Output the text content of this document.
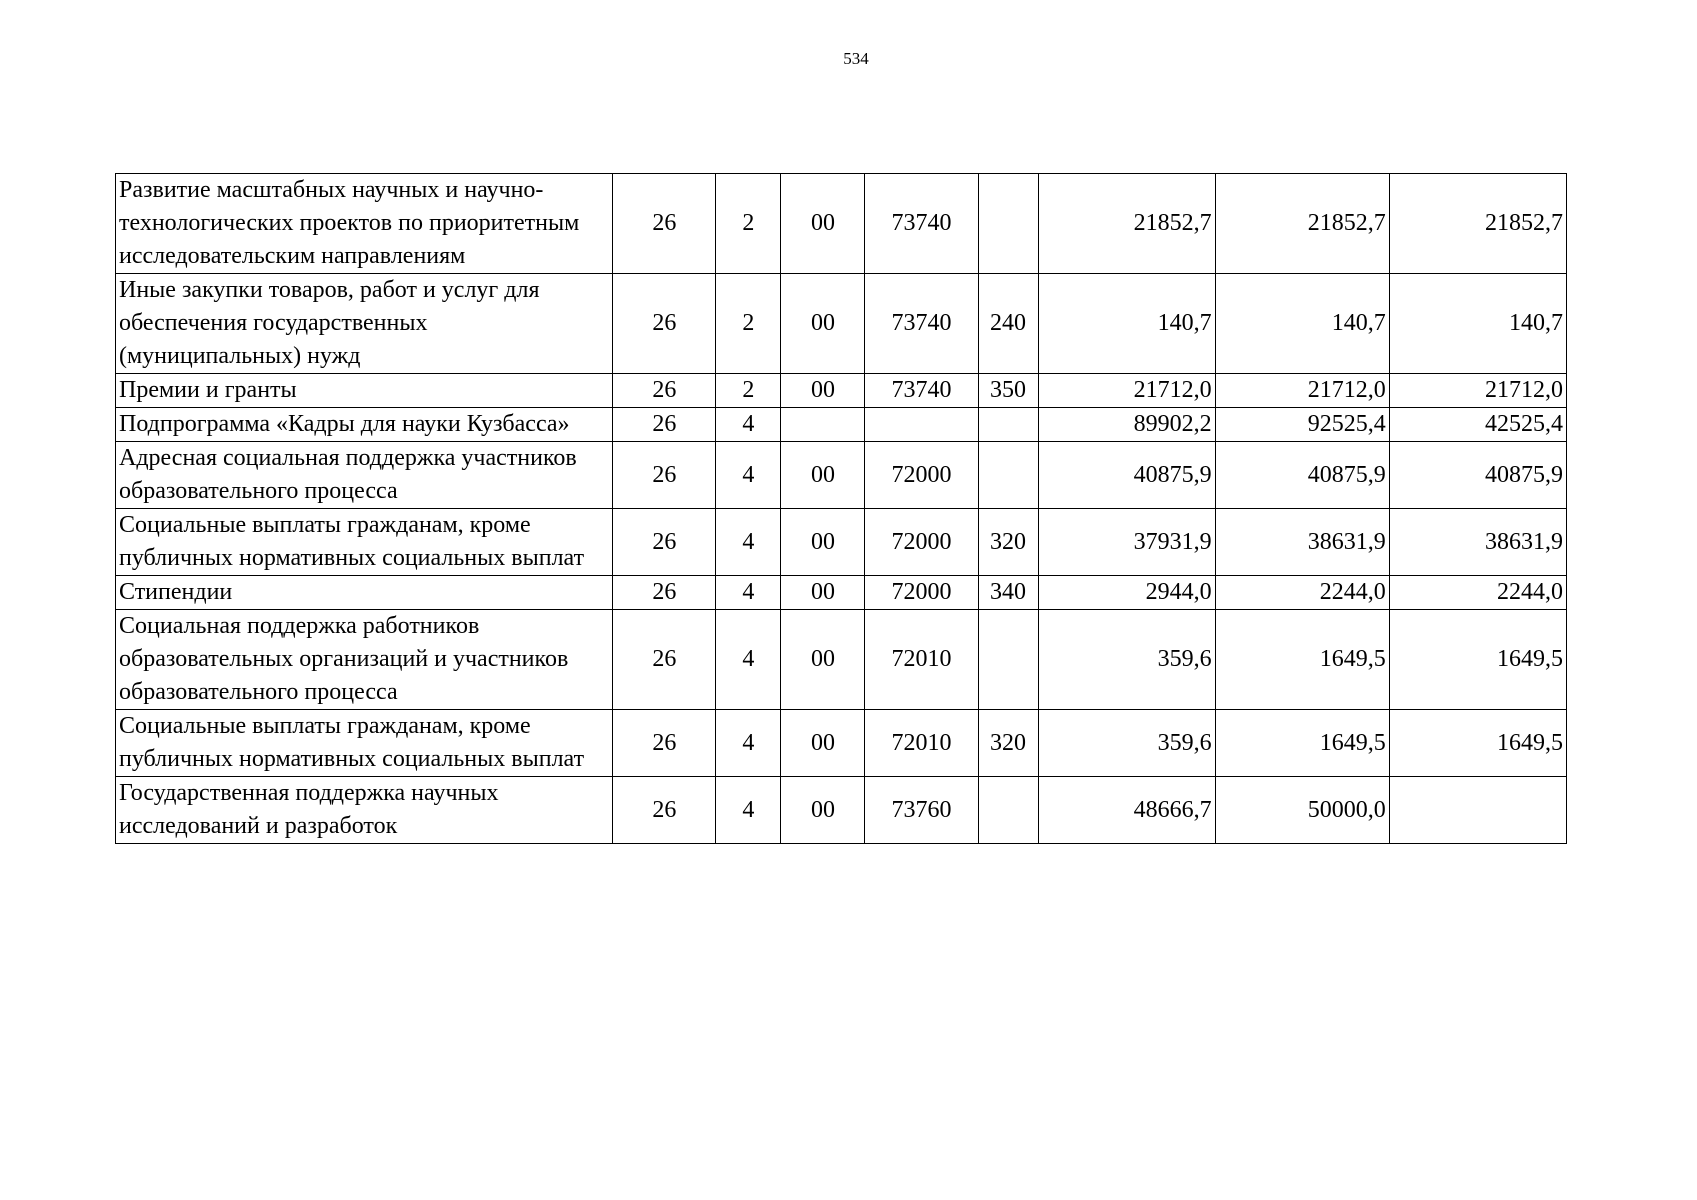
534
Развитие масштабных научных и научно-технологических проектов по приоритетным исследовательским направлениям	26	2	00	73740		21852,7	21852,7	21852,7
Иные закупки товаров, работ и услуг для обеспечения государственных (муниципальных) нужд	26	2	00	73740	240	140,7	140,7	140,7
Премии и гранты	26	2	00	73740	350	21712,0	21712,0	21712,0
Подпрограмма «Кадры для науки Кузбасса»	26	4				89902,2	92525,4	42525,4
Адресная социальная поддержка участников образовательного процесса	26	4	00	72000		40875,9	40875,9	40875,9
Социальные выплаты гражданам, кроме публичных нормативных социальных выплат	26	4	00	72000	320	37931,9	38631,9	38631,9
Стипендии	26	4	00	72000	340	2944,0	2244,0	2244,0
Социальная поддержка работников образовательных организаций и участников образовательного процесса	26	4	00	72010		359,6	1649,5	1649,5
Социальные выплаты гражданам, кроме публичных нормативных социальных выплат	26	4	00	72010	320	359,6	1649,5	1649,5
Государственная поддержка научных исследований и разработок	26	4	00	73760		48666,7	50000,0	
